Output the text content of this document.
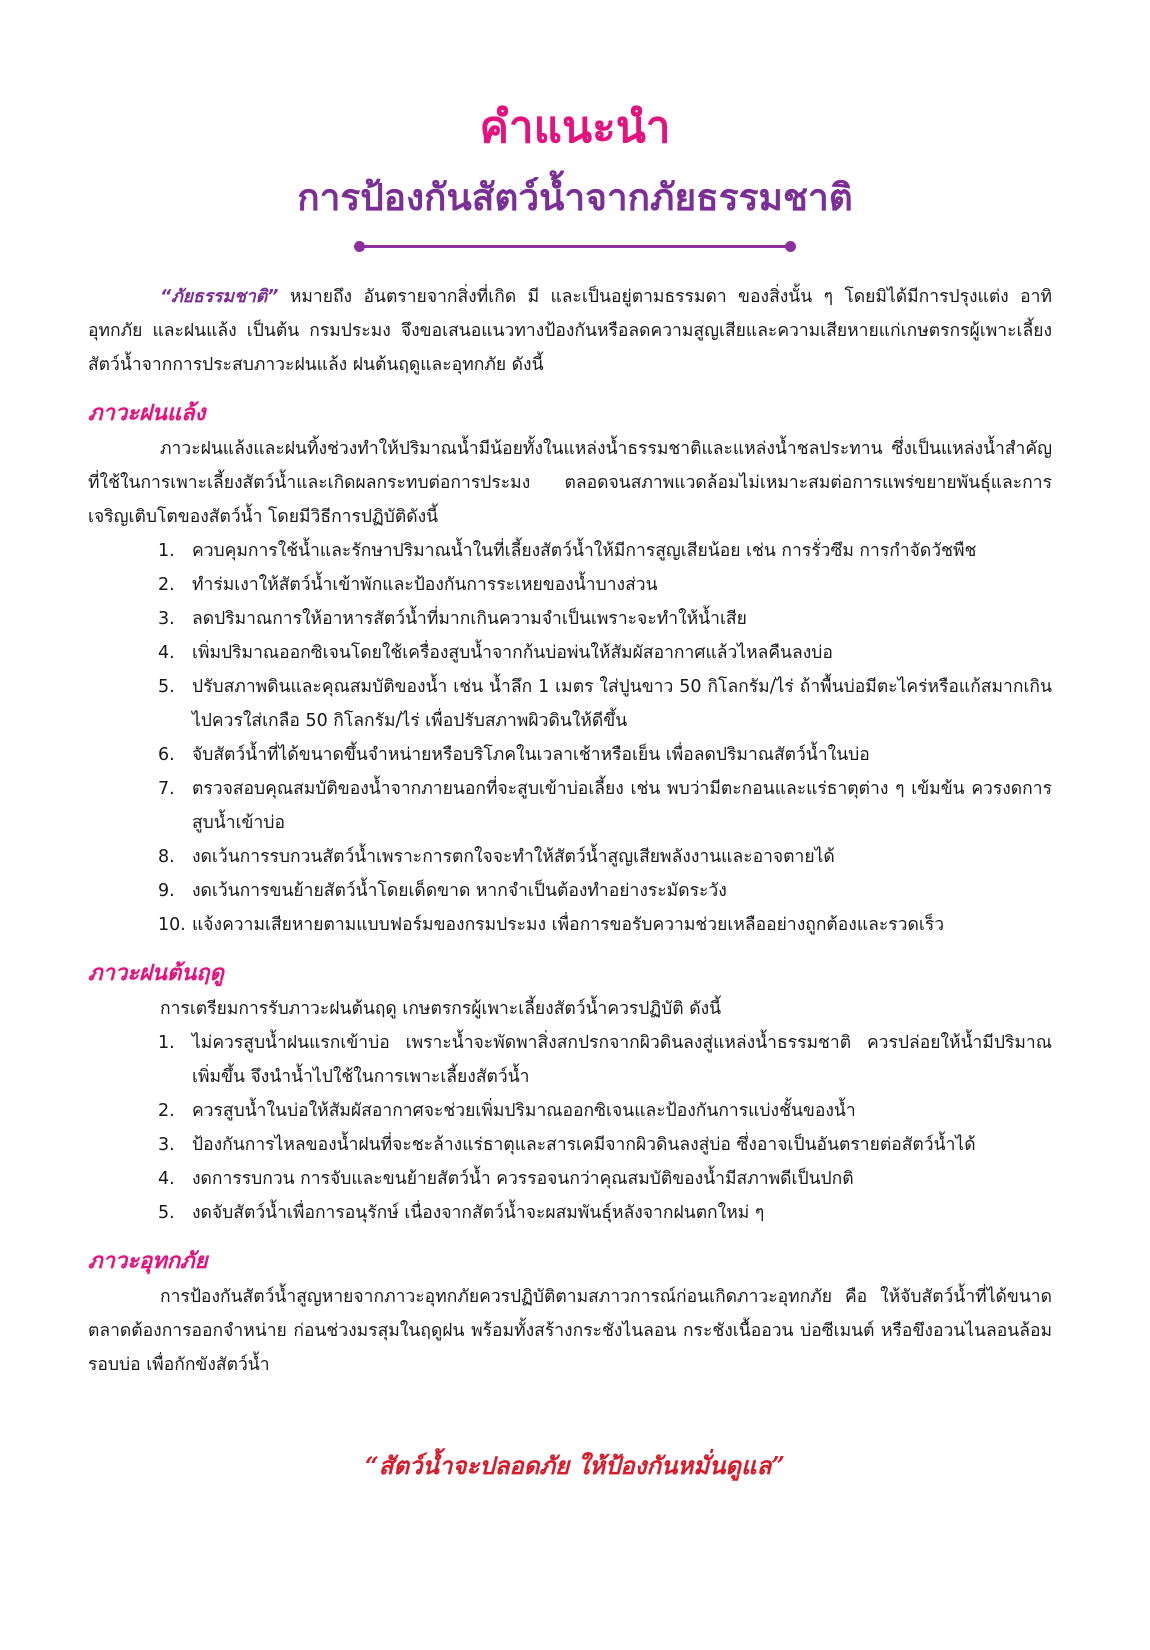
คำแนะนำ
การป้องกันสัตว์น้ำจากภัยธรรมชาติ

“ภัยธรรมชาติ” หมายถึง อันตรายจากสิ่งที่เกิด มี และเป็นอยู่ตามธรรมดา ของสิ่งนั้น ๆ โดยมิได้มีการปรุงแต่ง อาทิ อุทกภัย และฝนแล้ง เป็นต้น กรมประมง จึงขอเสนอแนวทางป้องกันหรือลดความสูญเสียและความเสียหายแก่เกษตรกรผู้เพาะเลี้ยงสัตว์น้ำจากการประสบภาวะฝนแล้ง ฝนต้นฤดูและอุทกภัย ดังนี้

ภาวะฝนแล้ง

ภาวะฝนแล้งและฝนทิ้งช่วงทำให้ปริมาณน้ำมีน้อยทั้งในแหล่งน้ำธรรมชาติและแหล่งน้ำชลประทาน ซึ่งเป็นแหล่งน้ำสำคัญที่ใช้ในการเพาะเลี้ยงสัตว์น้ำและเกิดผลกระทบต่อการประมง ตลอดจนสภาพแวดล้อมไม่เหมาะสมต่อการแพร่ขยายพันธุ์และการเจริญเติบโตของสัตว์น้ำ โดยมีวิธีการปฏิบัติดังนี้

1. ควบคุมการใช้น้ำและรักษาปริมาณน้ำในที่เลี้ยงสัตว์น้ำให้มีการสูญเสียน้อย เช่น การรั่วซึม การกำจัดวัชพืช
2. ทำร่มเงาให้สัตว์น้ำเข้าพักและป้องกันการระเหยของน้ำบางส่วน
3. ลดปริมาณการให้อาหารสัตว์น้ำที่มากเกินความจำเป็นเพราะจะทำให้น้ำเสีย
4. เพิ่มปริมาณออกซิเจนโดยใช้เครื่องสูบน้ำจากก้นบ่อพ่นให้สัมผัสอากาศแล้วไหลคืนลงบ่อ
5. ปรับสภาพดินและคุณสมบัติของน้ำ เช่น น้ำลึก 1 เมตร ใส่ปูนขาว 50 กิโลกรัม/ไร่ ถ้าพื้นบ่อมีตะไคร่หรือแก้สมากเกินไปควรใส่เกลือ 50 กิโลกรัม/ไร่ เพื่อปรับสภาพผิวดินให้ดีขึ้น
6. จับสัตว์น้ำที่ได้ขนาดขึ้นจำหน่ายหรือบริโภคในเวลาเช้าหรือเย็น เพื่อลดปริมาณสัตว์น้ำในบ่อ
7. ตรวจสอบคุณสมบัติของน้ำจากภายนอกที่จะสูบเข้าบ่อเลี้ยง เช่น พบว่ามีตะกอนและแร่ธาตุต่าง ๆ เข้มข้น ควรงดการสูบน้ำเข้าบ่อ
8. งดเว้นการรบกวนสัตว์น้ำเพราะการตกใจจะทำให้สัตว์น้ำสูญเสียพลังงานและอาจตายได้
9. งดเว้นการขนย้ายสัตว์น้ำโดยเด็ดขาด หากจำเป็นต้องทำอย่างระมัดระวัง
10. แจ้งความเสียหายตามแบบฟอร์มของกรมประมง เพื่อการขอรับความช่วยเหลืออย่างถูกต้องและรวดเร็ว
ภาวะฝนต้นฤดู

การเตรียมการรับภาวะฝนต้นฤดู เกษตรกรผู้เพาะเลี้ยงสัตว์น้ำควรปฏิบัติ ดังนี้

1. ไม่ควรสูบน้ำฝนแรกเข้าบ่อ เพราะน้ำจะพัดพาสิ่งสกปรกจากผิวดินลงสู่แหล่งน้ำธรรมชาติ ควรปล่อยให้น้ำมีปริมาณเพิ่มขึ้น จึงนำน้ำไปใช้ในการเพาะเลี้ยงสัตว์น้ำ
2. ควรสูบน้ำในบ่อให้สัมผัสอากาศจะช่วยเพิ่มปริมาณออกซิเจนและป้องกันการแบ่งชั้นของน้ำ
3. ป้องกันการไหลของน้ำฝนที่จะชะล้างแร่ธาตุและสารเคมีจากผิวดินลงสู่บ่อ ซึ่งอาจเป็นอันตรายต่อสัตว์น้ำได้
4. งดการรบกวน การจับและขนย้ายสัตว์น้ำ ควรรอจนกว่าคุณสมบัติของน้ำมีสภาพดีเป็นปกติ
5. งดจับสัตว์น้ำเพื่อการอนุรักษ์ เนื่องจากสัตว์น้ำจะผสมพันธุ์หลังจากฝนตกใหม่ ๆ
ภาวะอุทกภัย

การป้องกันสัตว์น้ำสูญหายจากภาวะอุทกภัยควรปฏิบัติตามสภาวการณ์ก่อนเกิดภาวะอุทกภัย คือ ให้จับสัตว์น้ำที่ได้ขนาดตลาดต้องการออกจำหน่าย ก่อนช่วงมรสุมในฤดูฝน พร้อมทั้งสร้างกระชังไนลอน กระชังเนื้ออวน บ่อซีเมนต์ หรือขึงอวนไนลอนล้อมรอบบ่อ เพื่อกักขังสัตว์น้ำ

“สัตว์น้ำจะปลอดภัย ให้ป้องกันหมั่นดูแล”
